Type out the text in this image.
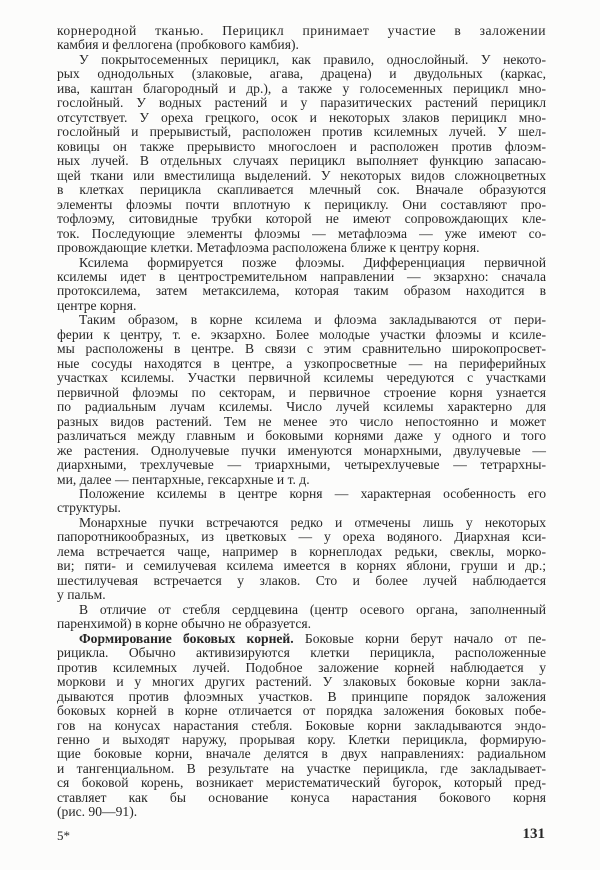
корнеродной тканью. Перицикл принимает участие в заложении
камбия и феллогена (пробкового камбия).
У покрытосеменных перицикл, как правило, однослойный. У некото-
рых однодольных (злаковые, агава, драцена) и двудольных (каркас,
ива, каштан благородный и др.), а также у голосеменных перицикл мно-
гослойный. У водных растений и у паразитических растений перицикл
отсутствует. У ореха грецкого, осок и некоторых злаков перицикл мно-
гослойный и прерывистый, расположен против ксилемных лучей. У шел-
ковицы он также прерывисто многослоен и расположен против флоэм-
ных лучей. В отдельных случаях перицикл выполняет функцию запасаю-
щей ткани или вместилища выделений. У некоторых видов сложноцветных
в клетках перицикла скапливается млечный сок. Вначале образуются
элементы флоэмы почти вплотную к перициклу. Они составляют про-
тофлоэму, ситовидные трубки которой не имеют сопровождающих кле-
ток. Последующие элементы флоэмы — метафлоэма — уже имеют со-
провождающие клетки. Метафлоэма расположена ближе к центру корня.
Ксилема формируется позже флоэмы. Дифференциация первичной
ксилемы идет в центростремительном направлении — экзархно: сначала
протоксилема, затем метаксилема, которая таким образом находится в
центре корня.
Таким образом, в корне ксилема и флоэма закладываются от пери-
ферии к центру, т. е. экзархно. Более молодые участки флоэмы и ксиле-
мы расположены в центре. В связи с этим сравнительно широкопросвет-
ные сосуды находятся в центре, а узкопросветные — на периферийных
участках ксилемы. Участки первичной ксилемы чередуются с участками
первичной флоэмы по секторам, и первичное строение корня узнается
по радиальным лучам ксилемы. Число лучей ксилемы характерно для
разных видов растений. Тем не менее это число непостоянно и может
различаться между главным и боковыми корнями даже у одного и того
же растения. Однолучевые пучки именуются монархными, двулучевые —
диархными, трехлучевые — триархными, четырехлучевые — тетрархны-
ми, далее — пентархные, гексархные и т. д.
Положение ксилемы в центре корня — характерная особенность его
структуры.
Монархные пучки встречаются редко и отмечены лишь у некоторых
папоротникообразных, из цветковых — у ореха водяного. Диархная кси-
лема встречается чаще, например в корнеплодах редьки, свеклы, морко-
ви; пяти- и семилучевая ксилема имеется в корнях яблони, груши и др.;
шестилучевая встречается у злаков. Сто и более лучей наблюдается
у пальм.
В отличие от стебля сердцевина (центр осевого органа, заполненный
паренхимой) в корне обычно не образуется.
Формирование боковых корней. Боковые корни берут начало от пе-
рицикла. Обычно активизируются клетки перицикла, расположенные
против ксилемных лучей. Подобное заложение корней наблюдается у
моркови и у многих других растений. У злаковых боковые корни закла-
дываются против флоэмных участков. В принципе порядок заложения
боковых корней в корне отличается от порядка заложения боковых побе-
гов на конусах нарастания стебля. Боковые корни закладываются эндо-
генно и выходят наружу, прорывая кору. Клетки перицикла, формирую-
щие боковые корни, вначале делятся в двух направлениях: радиальном
и тангенциальном. В результате на участке перицикла, где закладывает-
ся боковой корень, возникает меристематический бугорок, который пред-
ставляет как бы основание конуса нарастания бокового корня
(рис. 90—91).
5*	131
